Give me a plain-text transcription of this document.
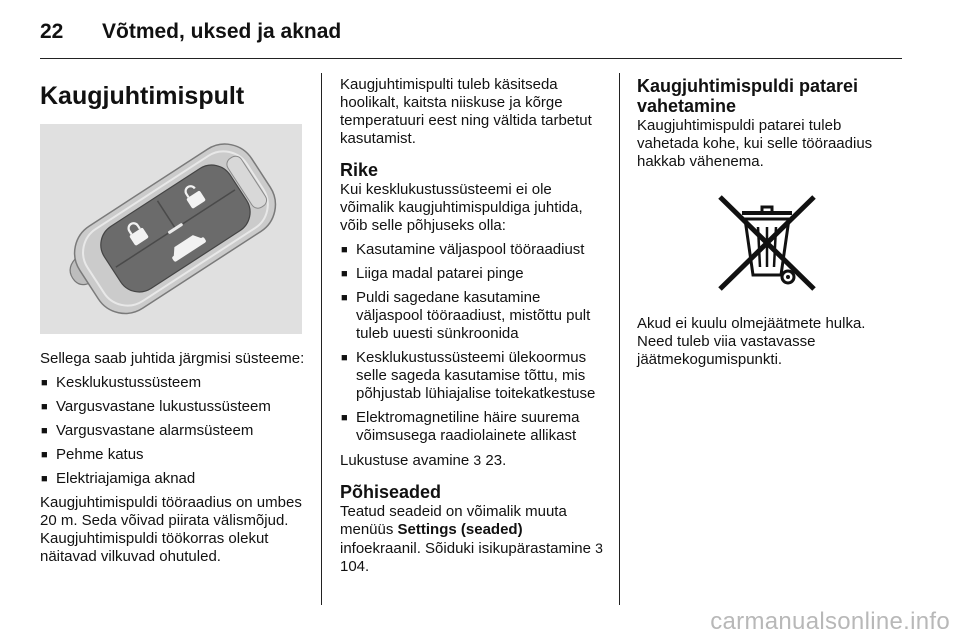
22	Võtmed, uksed ja aknad
Kaugjuhtimispult

Sellega saab juhtida järgmisi süsteeme:

■ Kesklukustussüsteem
■ Vargusvastane lukustussüsteem
■ Vargusvastane alarmsüsteem
■ Pehme katus
■ Elektriajamiga aknad

Kaugjuhtimispuldi tööraadius on umbes 20 m. Seda võivad piirata välismõjud. Kaugjuhtimispuldi töökorras olekut näitavad vilkuvad ohutuled.

Kaugjuhtimispulti tuleb käsitseda hoolikalt, kaitsta niiskuse ja kõrge temperatuuri eest ning vältida tarbetut kasutamist.

Rike

Kui kesklukustussüsteemi ei ole võimalik kaugjuhtimispuldiga juhtida, võib selle põhjuseks olla:

■ Kasutamine väljaspool tööraadiust
■ Liiga madal patarei pinge
■ Puldi sagedane kasutamine väljaspool tööraadiust, mistõttu pult tuleb uuesti sünkroonida
■ Kesklukustussüsteemi ülekoormus selle sageda kasutamise tõttu, mis põhjustab lühiajalise toitekatkestuse
■ Elektromagnetiline häire suurema võimsusega raadiolainete allikast

Lukustuse avamine 3 23.

Põhiseaded

Teatud seadeid on võimalik muuta menüüs Settings (seaded) infoekraanil. Sõiduki isikupärastamine 3 104.

Kaugjuhtimispuldi patarei vahetamine

Kaugjuhtimispuldi patarei tuleb vahetada kohe, kui selle tööraadius hakkab vähenema.

Akud ei kuulu olmejäätmete hulka. Need tuleb viia vastavasse jäätmekogumispunkti.

carmanualsonline.info
